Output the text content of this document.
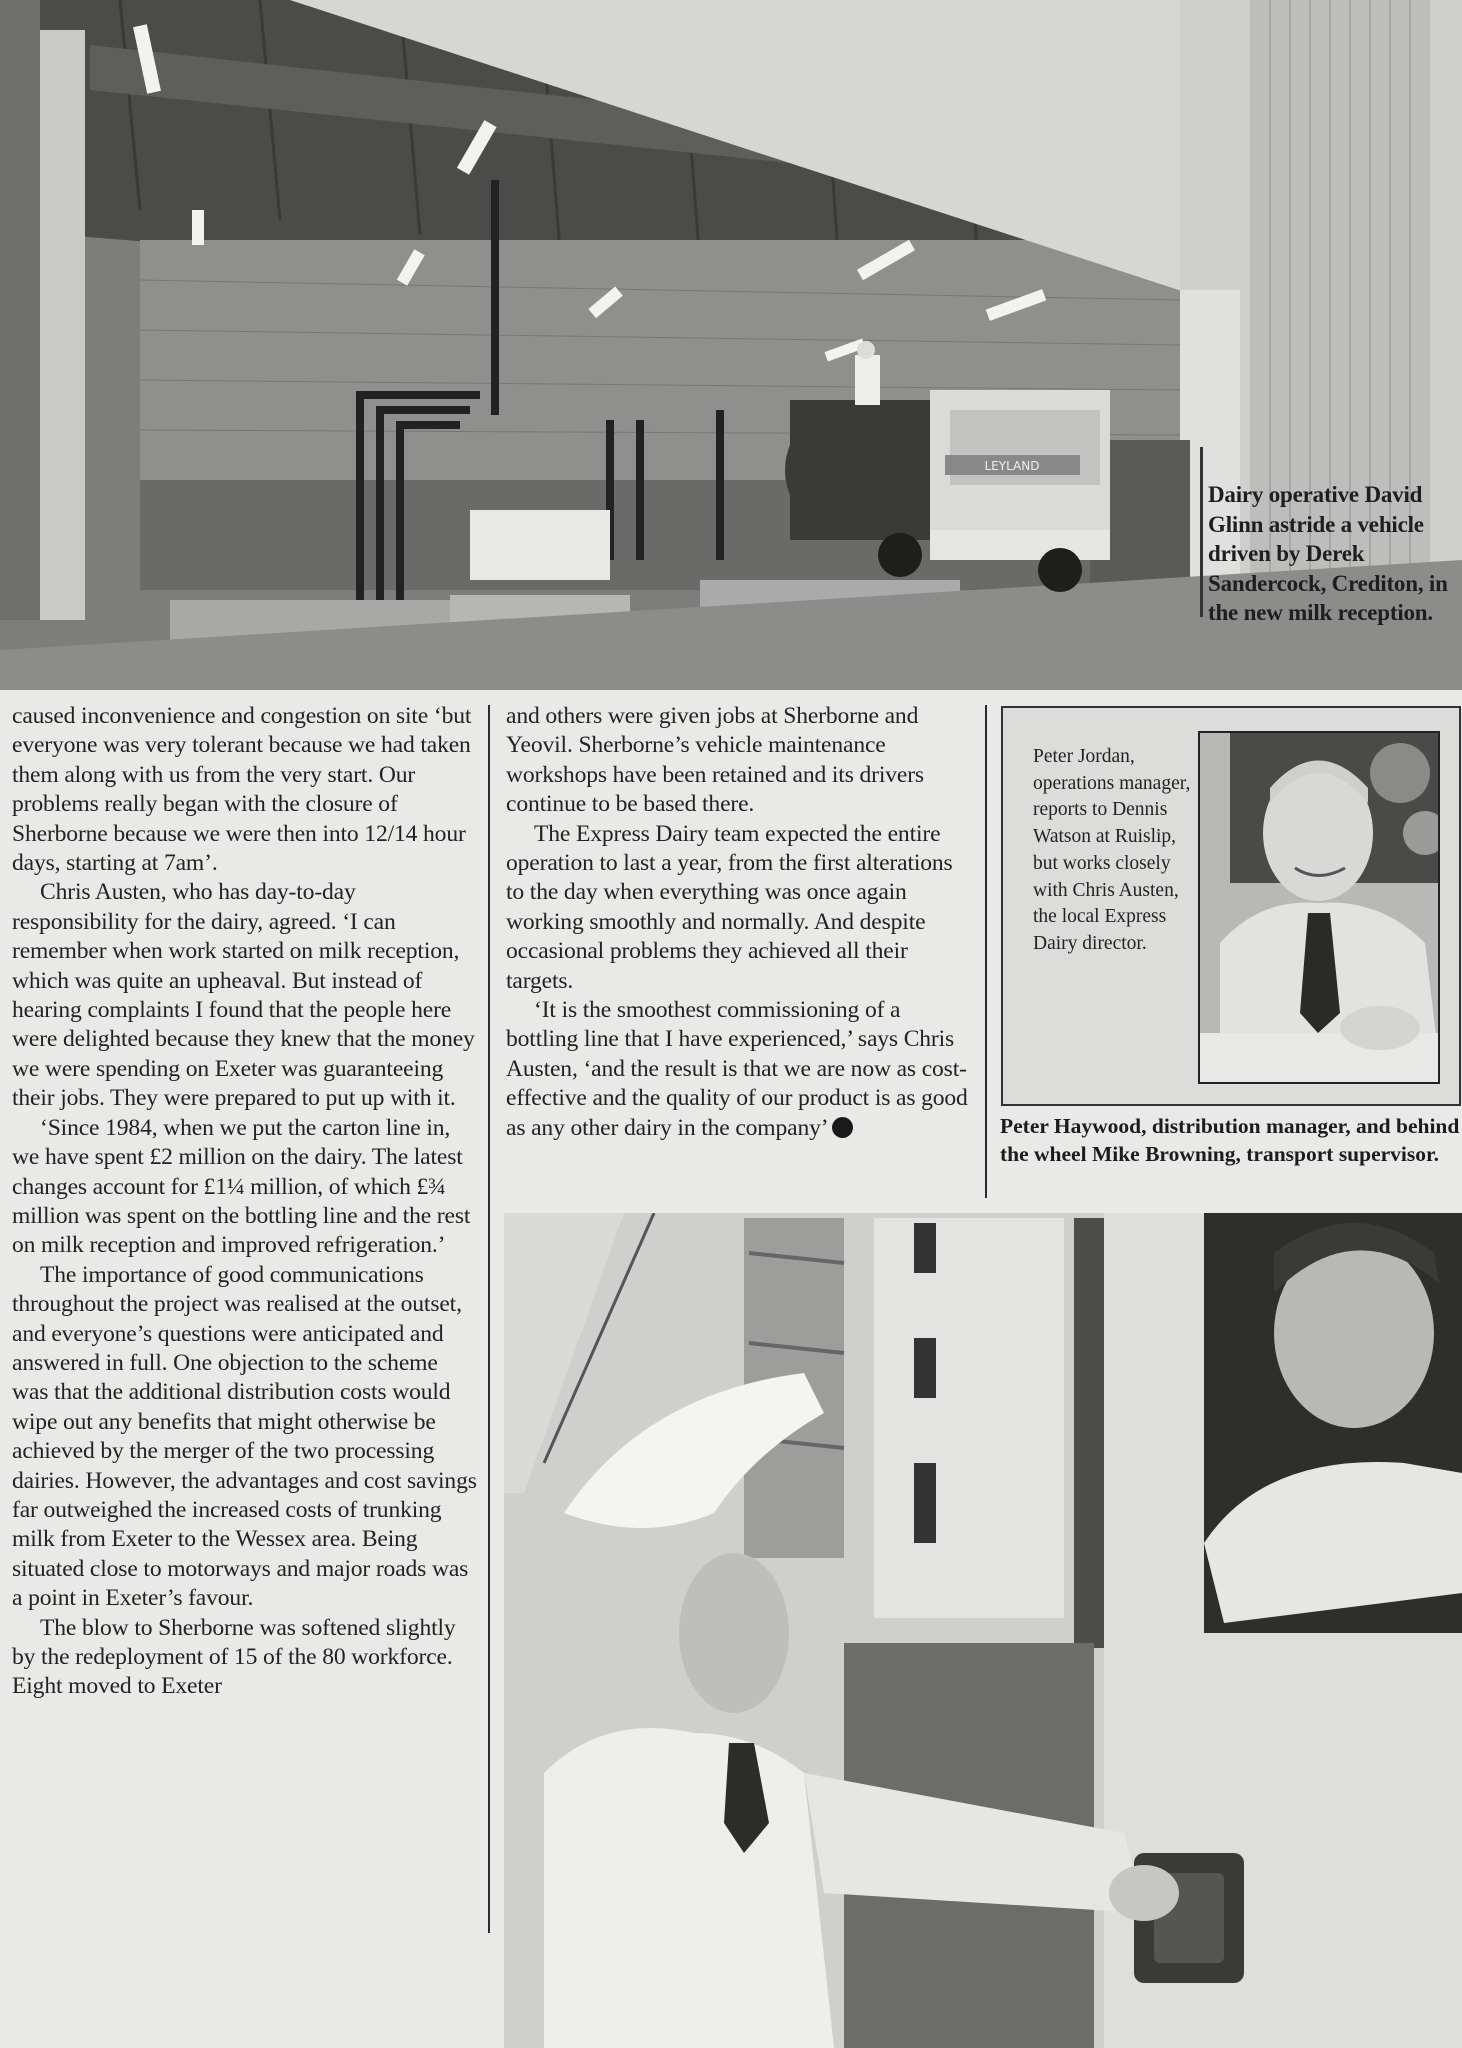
LEYLAND
Dairy operative David Glinn astride a vehicle driven by Derek Sandercock, Crediton, in the new milk reception.

caused inconvenience and congestion on site ‘but everyone was very tolerant because we had taken them along with us from the very start. Our problems really began with the closure of Sherborne because we were then into 12/14 hour days, starting at 7am’.

Chris Austen, who has day-to-day responsibility for the dairy, agreed. ‘I can remember when work started on milk reception, which was quite an upheaval. But instead of hearing complaints I found that the people here were delighted because they knew that the money we were spending on Exeter was guaranteeing their jobs. They were prepared to put up with it.

‘Since 1984, when we put the carton line in, we have spent £2 million on the dairy. The latest changes account for £1¼ million, of which £¾ million was spent on the bottling line and the rest on milk reception and improved refrigeration.’

The importance of good communications throughout the project was realised at the outset, and everyone’s questions were anticipated and answered in full. One objection to the scheme was that the additional distribution costs would wipe out any benefits that might otherwise be achieved by the merger of the two processing dairies. However, the advantages and cost savings far outweighed the increased costs of trunking milk from Exeter to the Wessex area. Being situated close to motorways and major roads was a point in Exeter’s favour.

The blow to Sherborne was softened slightly by the redeployment of 15 of the 80 workforce. Eight moved to Exeter

and others were given jobs at Sherborne and Yeovil. Sherborne’s vehicle maintenance workshops have been retained and its drivers continue to be based there.

The Express Dairy team expected the entire operation to last a year, from the first alterations to the day when everything was once again working smoothly and normally. And despite occasional problems they achieved all their targets.

‘It is the smoothest commissioning of a bottling line that I have experienced,’ says Chris Austen, ‘and the result is that we are now as cost-effective and the quality of our product is as good as any other dairy in the company’

Peter Jordan, operations manager, reports to Dennis Watson at Ruislip, but works closely with Chris Austen, the local Express Dairy director.
Peter Haywood, distribution manager, and behind the wheel Mike Browning, transport supervisor.
